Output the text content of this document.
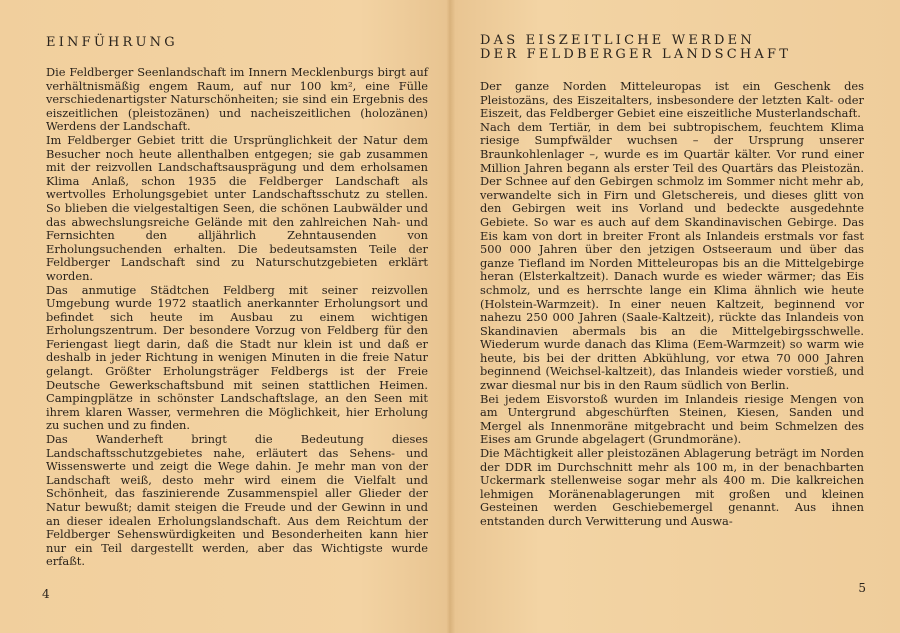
EINFÜHRUNG

Die Feldberger Seenlandschaft im Innern Mecklenburgs birgt auf verhältnismäßig engem Raum, auf nur 100 km², eine Fülle verschiedenartigster Naturschönheiten; sie sind ein Ergebnis des eiszeitlichen (pleistozänen) und nacheiszeitlichen (holozänen) Werdens der Landschaft.

Im Feldberger Gebiet tritt die Ursprünglichkeit der Natur dem Besucher noch heute allenthalben entgegen; sie gab zusammen mit der reizvollen Landschaftsausprägung und dem erholsamen Klima Anlaß, schon 1935 die Feldberger Landschaft als wertvolles Erholungsgebiet unter Landschaftsschutz zu stellen. So blieben die vielgestaltigen Seen, die schönen Laubwälder und das abwechslungsreiche Gelände mit den zahlreichen Nah- und Fernsichten den alljährlich Zehntausenden von Erholungsuchenden erhalten. Die bedeutsamsten Teile der Feldberger Landschaft sind zu Naturschutzgebieten erklärt worden.

Das anmutige Städtchen Feldberg mit seiner reizvollen Umgebung wurde 1972 staatlich anerkannter Erholungsort und befindet sich heute im Ausbau zu einem wichtigen Erholungszentrum. Der besondere Vorzug von Feldberg für den Feriengast liegt darin, daß die Stadt nur klein ist und daß er deshalb in jeder Richtung in wenigen Minuten in die freie Natur gelangt. Größter Erholungsträger Feldbergs ist der Freie Deutsche Gewerkschaftsbund mit seinen stattlichen Heimen. Campingplätze in schönster Landschaftslage, an den Seen mit ihrem klaren Wasser, vermehren die Möglichkeit, hier Erholung zu suchen und zu finden.

Das Wanderheft bringt die Bedeutung dieses Landschaftsschutzgebietes nahe, erläutert das Sehens- und Wissenswerte und zeigt die Wege dahin. Je mehr man von der Landschaft weiß, desto mehr wird einem die Vielfalt und Schönheit, das faszinierende Zusammenspiel aller Glieder der Natur bewußt; damit steigen die Freude und der Gewinn in und an dieser idealen Erholungslandschaft. Aus dem Reichtum der Feldberger Sehenswürdigkeiten und Besonderheiten kann hier nur ein Teil dargestellt werden, aber das Wichtigste wurde erfaßt.

4
DAS EISZEITLICHE WERDEN
DER FELDBERGER LANDSCHAFT

Der ganze Norden Mitteleuropas ist ein Geschenk des Pleistozäns, des Eiszeitalters, insbesondere der letzten Kalt- oder Eiszeit, das Feldberger Gebiet eine eiszeitliche Musterlandschaft.

Nach dem Tertiär, in dem bei subtropischem, feuchtem Klima riesige Sumpfwälder wuchsen – der Ursprung unserer Braunkohlenlager –, wurde es im Quartär kälter. Vor rund einer Million Jahren begann als erster Teil des Quartärs das Pleistozän. Der Schnee auf den Gebirgen schmolz im Sommer nicht mehr ab, verwandelte sich in Firn und Gletschereis, und dieses glitt von den Gebirgen weit ins Vorland und bedeckte ausgedehnte Gebiete. So war es auch auf dem Skandinavischen Gebirge. Das Eis kam von dort in breiter Front als Inlandeis erstmals vor fast 500 000 Jahren über den jetzigen Ostseeraum und über das ganze Tiefland im Norden Mitteleuropas bis an die Mittelgebirge heran (Elsterkaltzeit). Danach wurde es wieder wärmer; das Eis schmolz, und es herrschte lange ein Klima ähnlich wie heute (Holstein-Warmzeit). In einer neuen Kaltzeit, beginnend vor nahezu 250 000 Jahren (Saale-Kaltzeit), rückte das Inlandeis von Skandinavien abermals bis an die Mittelgebirgsschwelle. Wiederum wurde danach das Klima (Eem-Warmzeit) so warm wie heute, bis bei der dritten Abkühlung, vor etwa 70 000 Jahren beginnend (Weichsel-kaltzeit), das Inlandeis wieder vorstieß, und zwar diesmal nur bis in den Raum südlich von Berlin.

Bei jedem Eisvorstoß wurden im Inlandeis riesige Mengen von am Untergrund abgeschürften Steinen, Kiesen, Sanden und Mergel als Innenmoräne mitgebracht und beim Schmelzen des Eises am Grunde abgelagert (Grundmoräne).

Die Mächtigkeit aller pleistozänen Ablagerung beträgt im Norden der DDR im Durchschnitt mehr als 100 m, in der benachbarten Uckermark stellenweise sogar mehr als 400 m. Die kalkreichen lehmigen Moränenablagerungen mit großen und kleinen Gesteinen werden Geschiebemergel genannt. Aus ihnen entstanden durch Verwitterung und Auswa-

5
